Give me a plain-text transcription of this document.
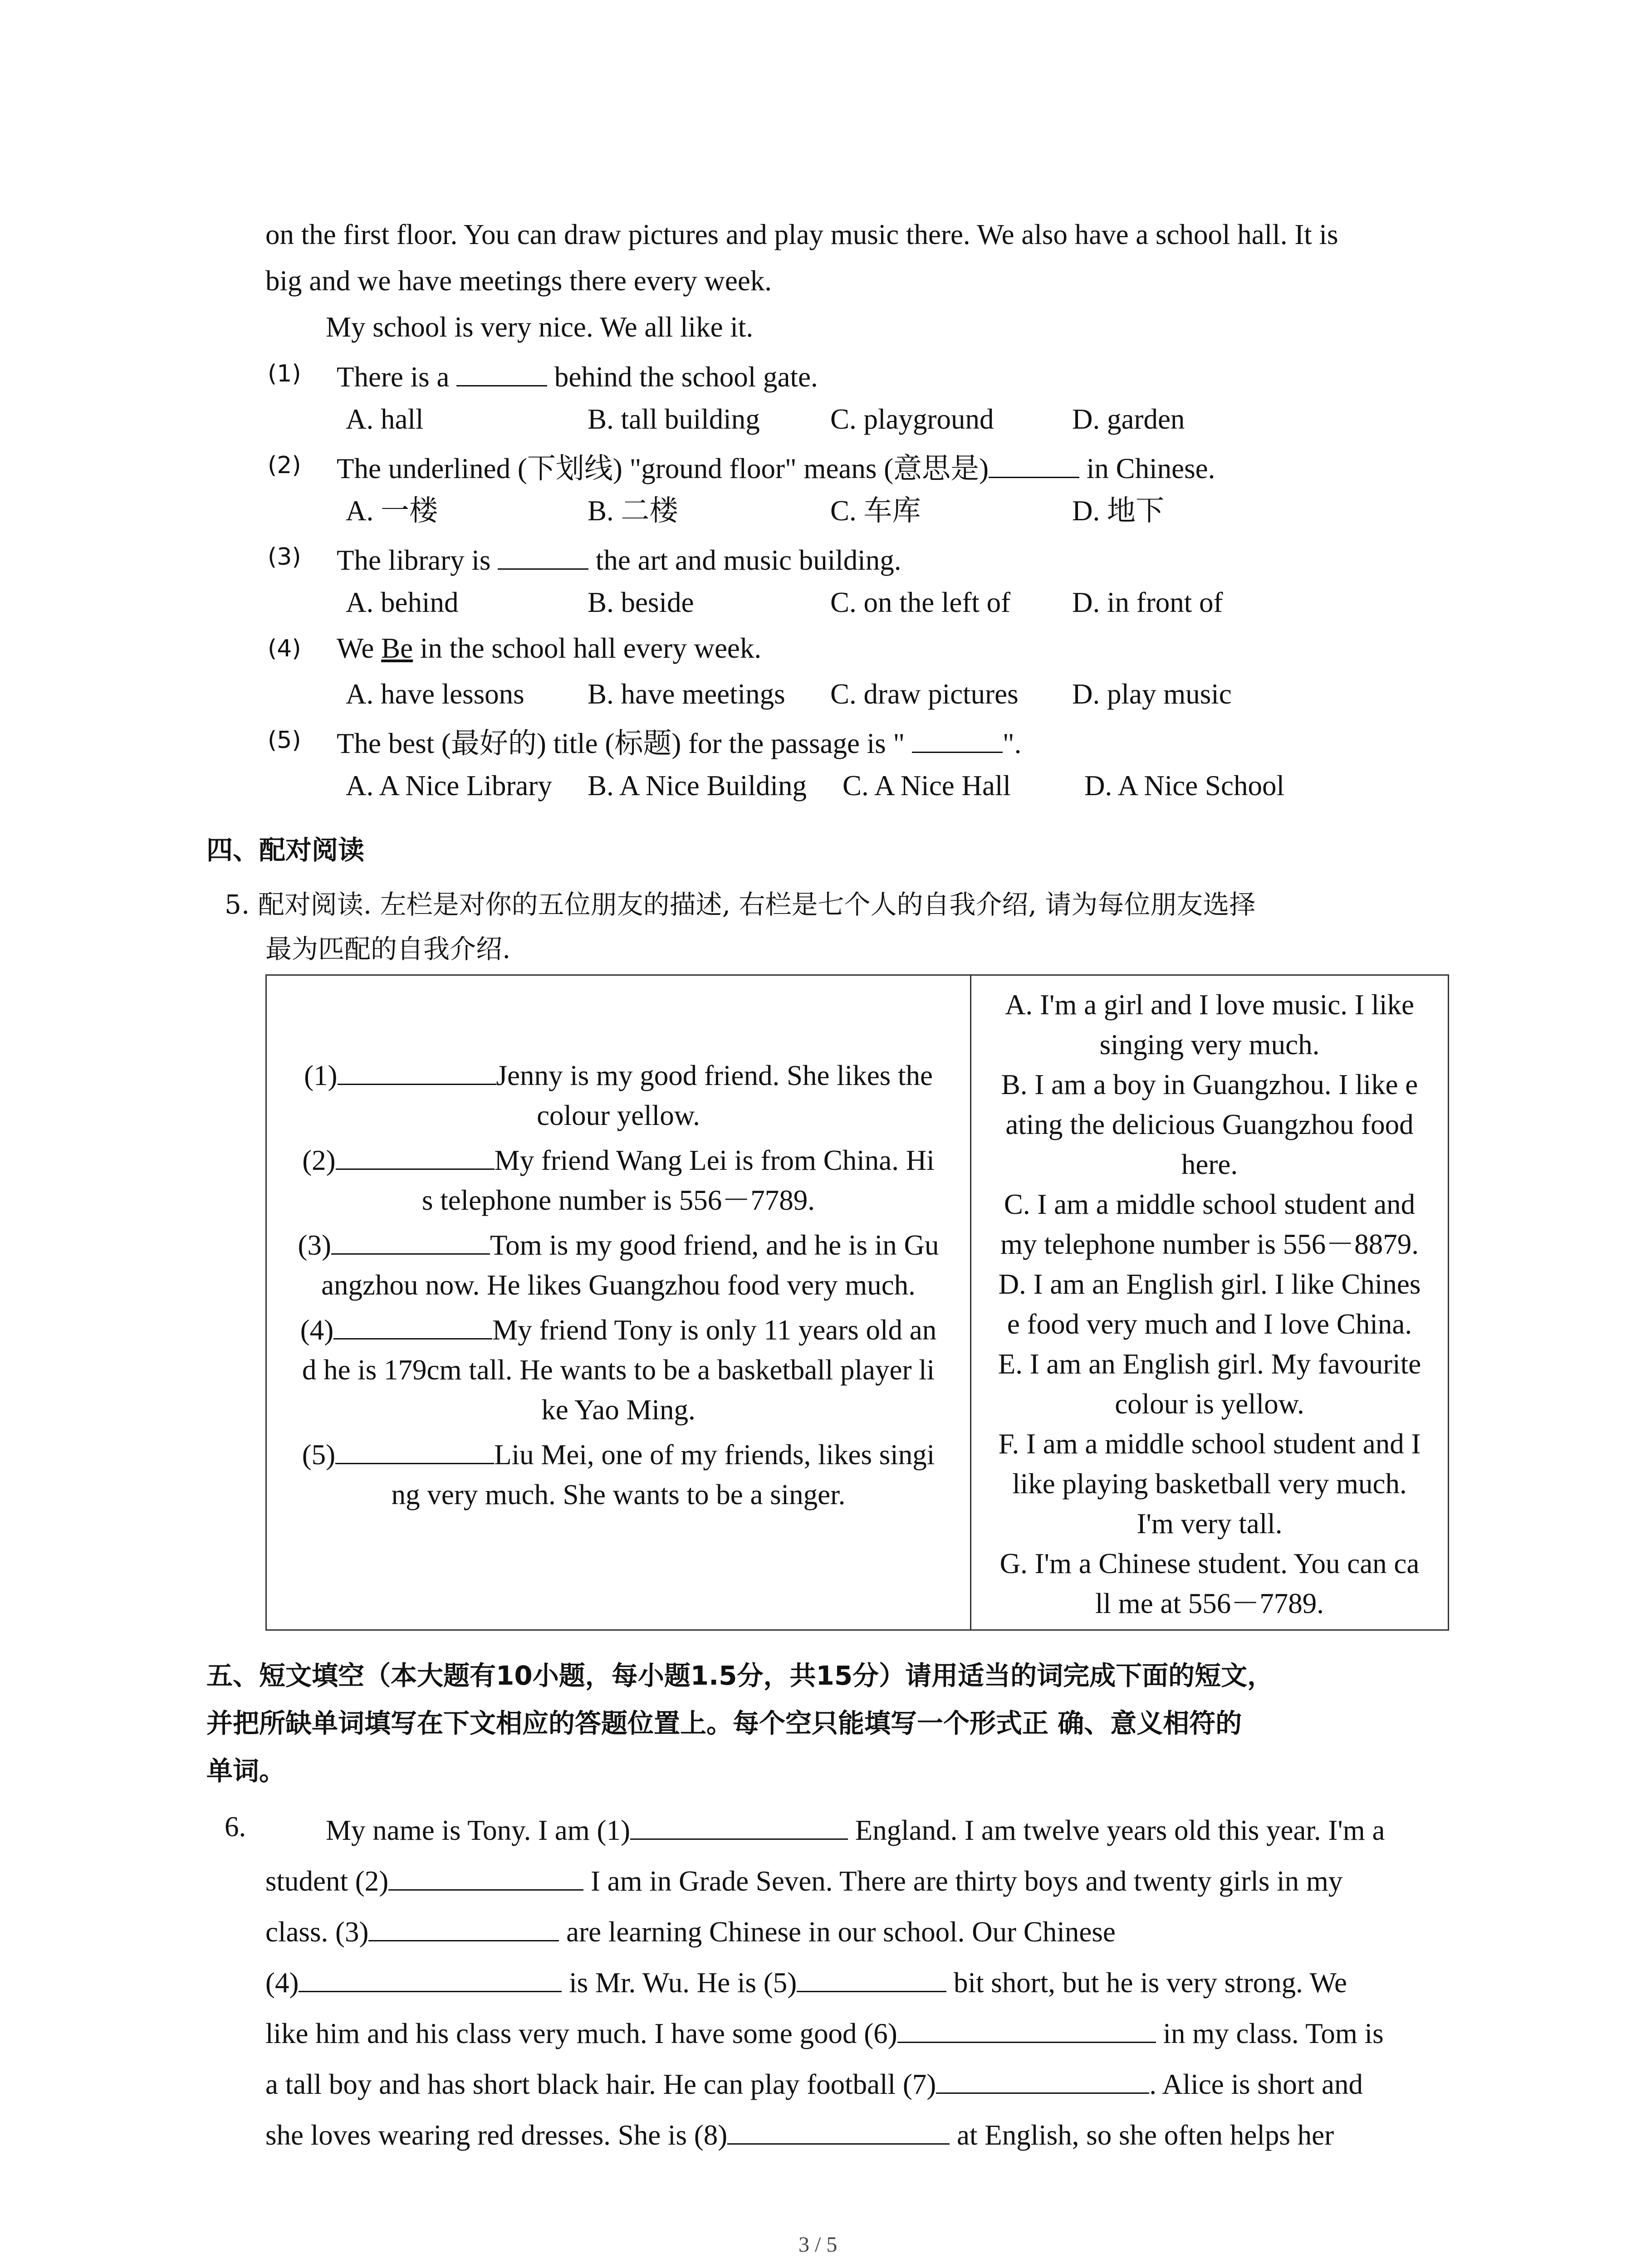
on the first floor. You can draw pictures and play music there. We also have a school hall. It is
big and we have meetings there every week.
My school is very nice. We all like it.
(1) There is a	behind the school gate.
A. hall	B. tall building C. playground	D. garden
(2) The underlined (下划线) "ground floor" means (意思是)	in Chinese.
A. 一楼	B. 二楼	C. 车库	D. 地下
(3) The library is	the art and music building.
A. behind	B. beside	C. on the left of D. in front of
(4) We Be in the school hall every week.
A. have lessons B. have meetings C. draw pictures D. play music
(5) The best (最好的) title (标题) for the passage is "	".
A. A Nice Library B. A Nice Building C. A Nice Hall	D. A Nice School
四、配对阅读
5. 配对阅读. 左栏是对你的五位朋友的描述, 右栏是七个人的自我介绍, 请为每位朋友选择
最为匹配的自我介绍.
(1)	Jenny is my good friend. She likes the
colour yellow.
(2)	My friend Wang Lei is from China. Hi
s telephone number is 556－7789.
(3)	Tom is my good friend, and he is in Gu
angzhou now. He likes Guangzhou food very much.
(4)	My friend Tony is only 11 years old an
d he is 179cm tall. He wants to be a basketball player li
ke Yao Ming.
(5)	Liu Mei, one of my friends, likes singi
ng very much. She wants to be a singer.

A. I'm a girl and I love music. I like
singing very much.
B. I am a boy in Guangzhou. I like e
ating the delicious Guangzhou food
here.
C. I am a middle school student and
my telephone number is 556－8879.
D. I am an English girl. I like Chines
e food very much and I love China.
E. I am an English girl. My favourite
colour is yellow.
F. I am a middle school student and I
like playing basketball very much.
I'm very tall.
G. I'm a Chinese student. You can ca
ll me at 556－7789.
五、短文填空（本大题有10小题，每小题1.5分，共15分）请用适当的词完成下面的短文，
并把所缺单词填写在下文相应的答题位置上。每个空只能填写一个形式正 确、意义相符的
单词。
6.	My name is Tony. I am (1)	England. I am twelve years old this year. I'm a
student (2)	I am in Grade Seven. There are thirty boys and twenty girls in my
class. (3)	are learning Chinese in our school. Our Chinese
(4)	is Mr. Wu. He is (5)	bit short, but he is very strong. We
like him and his class very much. I have some good (6)	in my class. Tom is
a tall boy and has short black hair. He can play football (7)	. Alice is short and
she loves wearing red dresses. She is (8)	at English, so she often helps her
3 / 5
